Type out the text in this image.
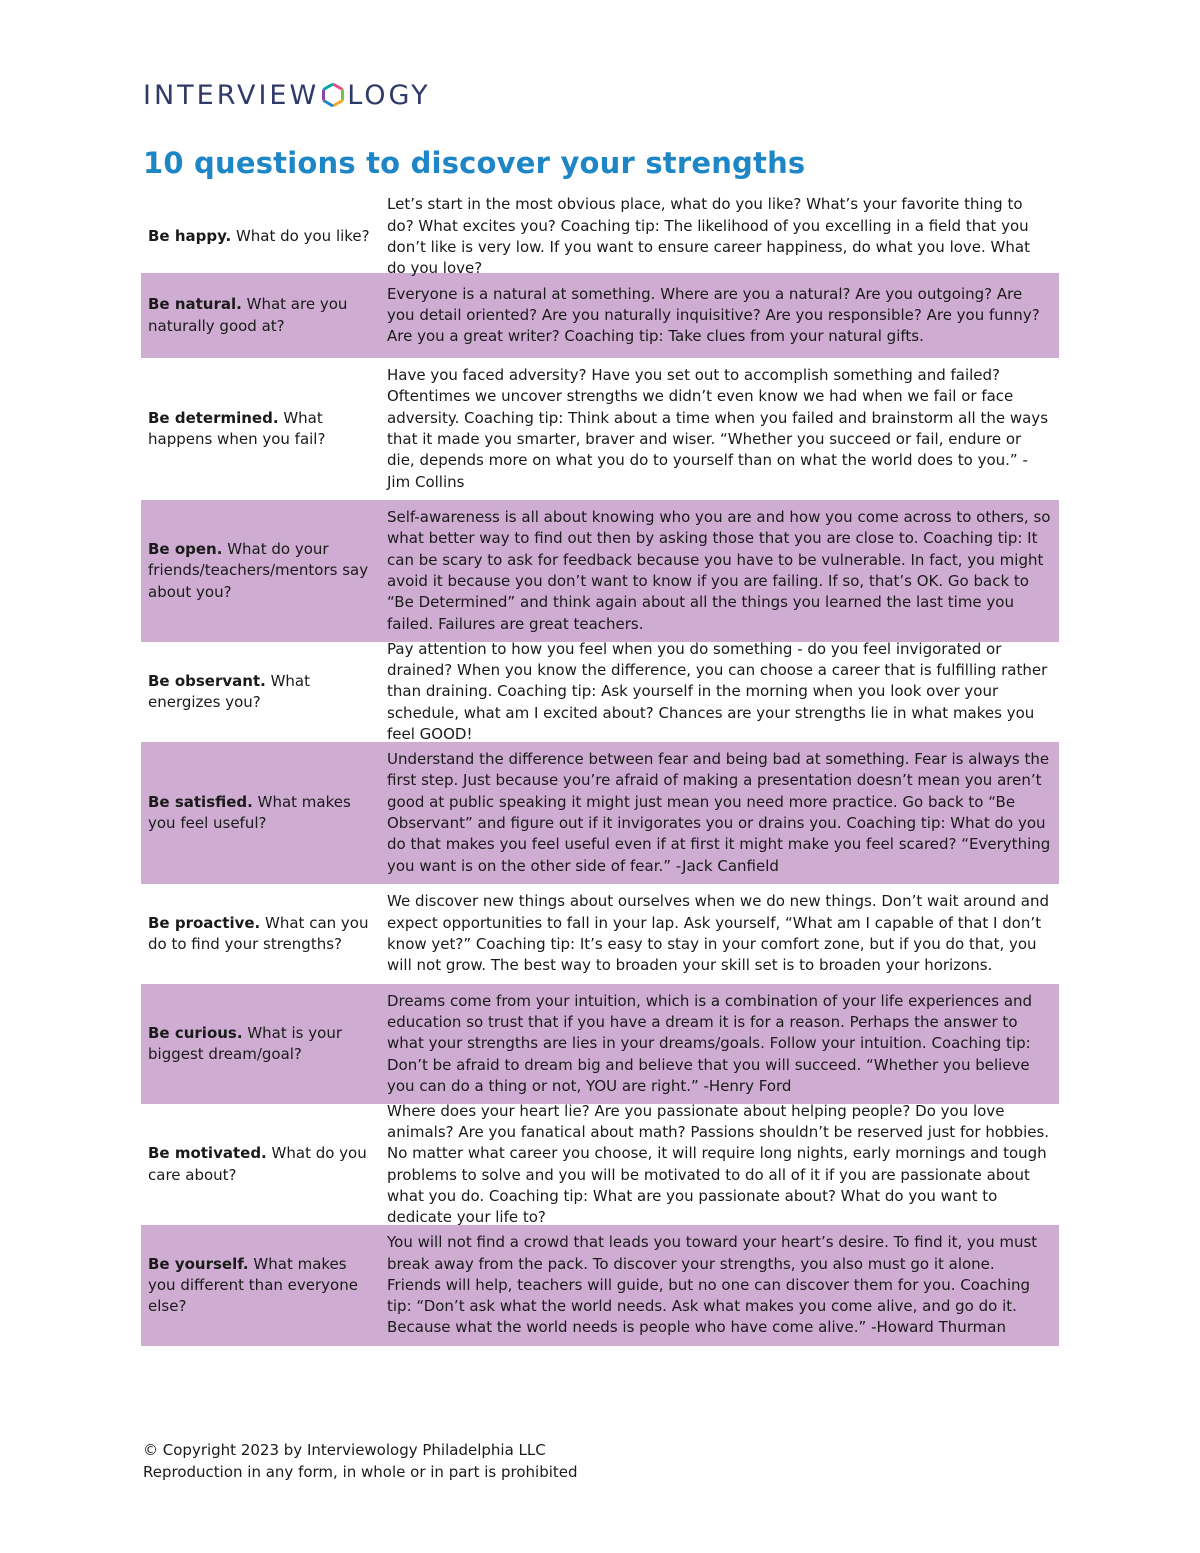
INTERVIEW LOGY
10 questions to discover your strengths
Be happy. What do you like?
Let’s start in the most obvious place, what do you like? What’s your favorite thing to do? What excites you? Coaching tip: The likelihood of you excelling in a field that you don’t like is very low. If you want to ensure career happiness, do what you love. What do you love?
Be natural. What are you naturally good at?
Everyone is a natural at something. Where are you a natural? Are you outgoing? Are you detail oriented? Are you naturally inquisitive? Are you responsible? Are you funny? Are you a great writer? Coaching tip: Take clues from your natural gifts.
Be determined. What happens when you fail?
Have you faced adversity? Have you set out to accomplish something and failed? Oftentimes we uncover strengths we didn’t even know we had when we fail or face adversity. Coaching tip: Think about a time when you failed and brainstorm all the ways that it made you smarter, braver and wiser. “Whether you succeed or fail, endure or die, depends more on what you do to yourself than on what the world does to you.” -Jim Collins
Be open. What do your friends/teachers/mentors say about you?
Self-awareness is all about knowing who you are and how you come across to others, so what better way to find out then by asking those that you are close to. Coaching tip: It can be scary to ask for feedback because you have to be vulnerable. In fact, you might avoid it because you don’t want to know if you are failing. If so, that’s OK. Go back to “Be Determined” and think again about all the things you learned the last time you failed. Failures are great teachers.
Be observant. What energizes you?
Pay attention to how you feel when you do something - do you feel invigorated or drained? When you know the difference, you can choose a career that is fulfilling rather than draining. Coaching tip: Ask yourself in the morning when you look over your schedule, what am I excited about? Chances are your strengths lie in what makes you feel GOOD!
Be satisfied. What makes you feel useful?
Understand the difference between fear and being bad at something. Fear is always the first step. Just because you’re afraid of making a presentation doesn’t mean you aren’t good at public speaking it might just mean you need more practice. Go back to “Be Observant” and figure out if it invigorates you or drains you. Coaching tip: What do you do that makes you feel useful even if at first it might make you feel scared? “Everything you want is on the other side of fear.” -Jack Canfield
Be proactive. What can you do to find your strengths?
We discover new things about ourselves when we do new things. Don’t wait around and expect opportunities to fall in your lap. Ask yourself, “What am I capable of that I don’t know yet?” Coaching tip: It’s easy to stay in your comfort zone, but if you do that, you will not grow. The best way to broaden your skill set is to broaden your horizons.
Be curious. What is your biggest dream/goal?
Dreams come from your intuition, which is a combination of your life experiences and education so trust that if you have a dream it is for a reason. Perhaps the answer to what your strengths are lies in your dreams/goals. Follow your intuition. Coaching tip: Don’t be afraid to dream big and believe that you will succeed. “Whether you believe you can do a thing or not, YOU are right.” -Henry Ford
Be motivated. What do you care about?
Where does your heart lie? Are you passionate about helping people? Do you love animals? Are you fanatical about math? Passions shouldn’t be reserved just for hobbies. No matter what career you choose, it will require long nights, early mornings and tough problems to solve and you will be motivated to do all of it if you are passionate about what you do. Coaching tip: What are you passionate about? What do you want to dedicate your life to?
Be yourself. What makes you different than everyone else?
You will not find a crowd that leads you toward your heart’s desire. To find it, you must break away from the pack. To discover your strengths, you also must go it alone. Friends will help, teachers will guide, but no one can discover them for you. Coaching tip: “Don’t ask what the world needs. Ask what makes you come alive, and go do it. Because what the world needs is people who have come alive.” -Howard Thurman
© Copyright 2023 by Interviewology Philadelphia LLC
Reproduction in any form, in whole or in part is prohibited
